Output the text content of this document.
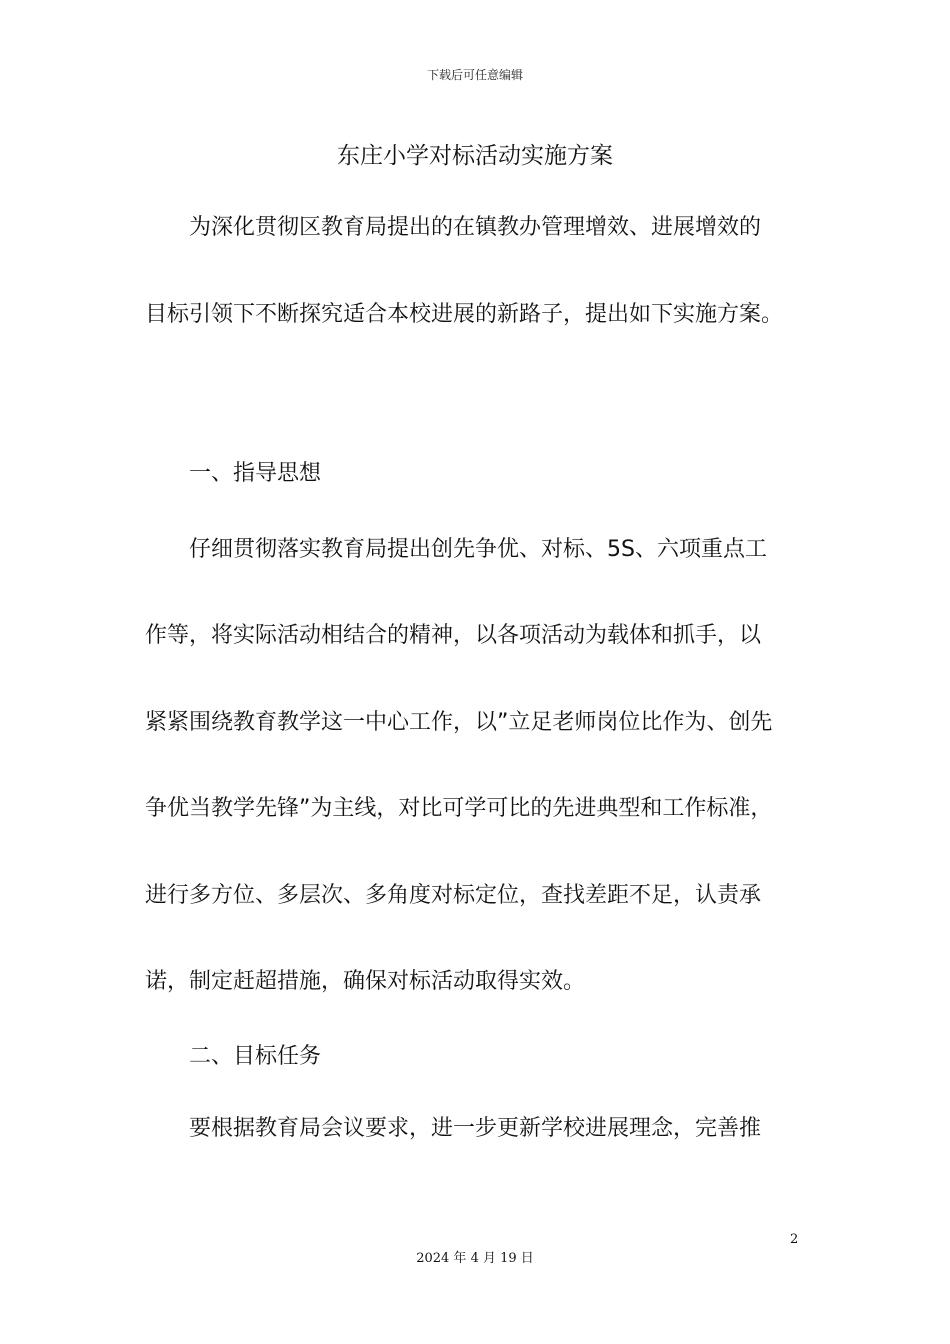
下载后可任意编辑
东庄小学对标活动实施方案
　　为深化贯彻区教育局提出的在镇教办管理增效、进展增效的
目标引领下不断探究适合本校进展的新路子，提出如下实施方案。
　　一、指导思想
　　仔细贯彻落实教育局提出创先争优、对标、5S、六项重点工
作等，将实际活动相结合的精神，以各项活动为载体和抓手，以
紧紧围绕教育教学这一中心工作，以”立足老师岗位比作为、创先
争优当教学先锋”为主线，对比可学可比的先进典型和工作标准，
进行多方位、多层次、多角度对标定位，查找差距不足，认责承
诺，制定赶超措施，确保对标活动取得实效。
　　二、目标任务
　　要根据教育局会议要求，进一步更新学校进展理念，完善推
2
2024 年 4 月 19 日
